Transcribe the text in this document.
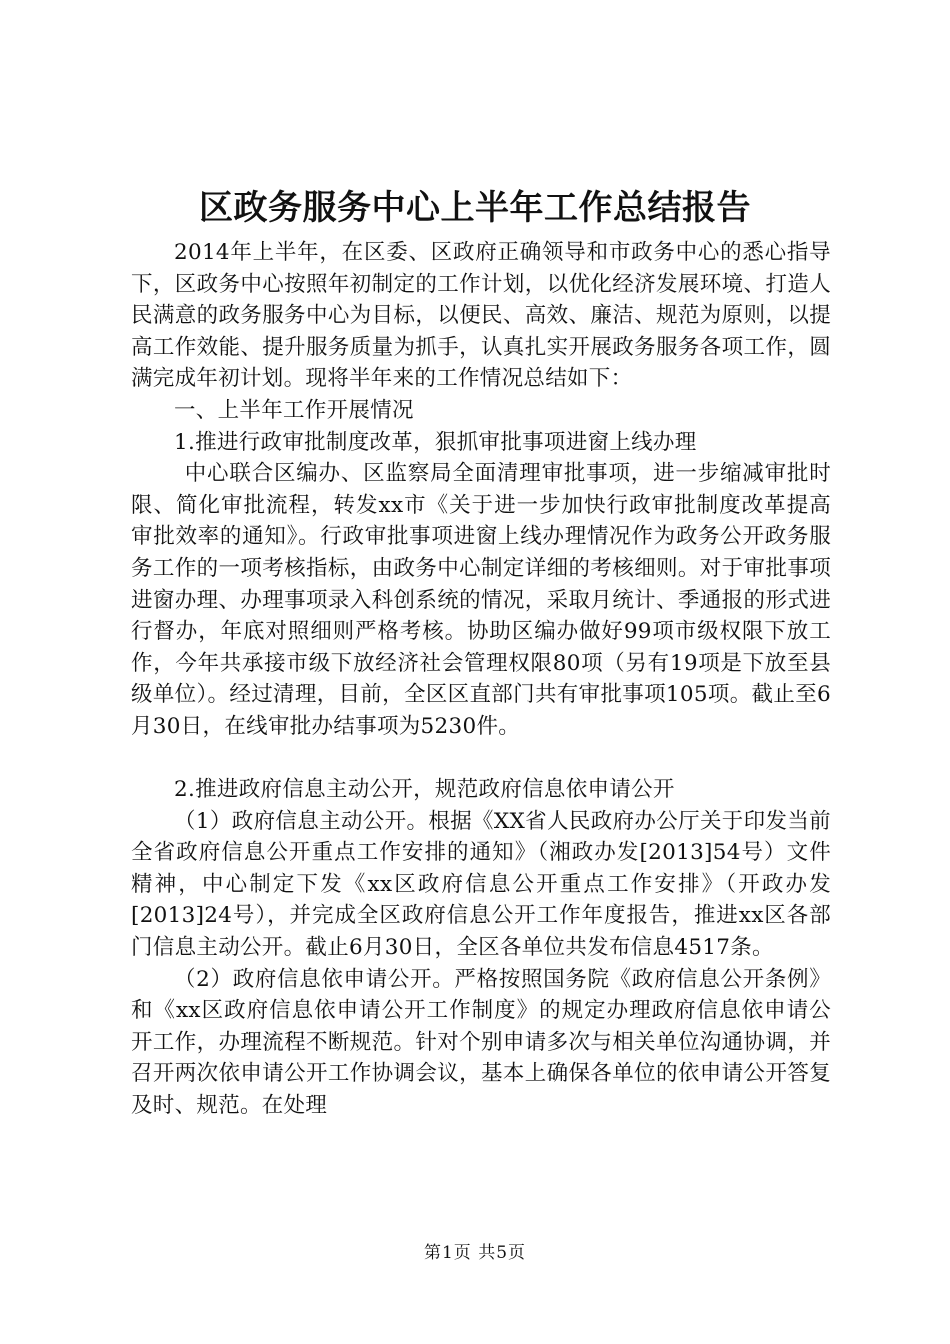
区政务服务中心上半年工作总结报告

2014年上半年，在区委、区政府正确领导和市政务中心的悉心指导下，区政务中心按照年初制定的工作计划，以优化经济发展环境、打造人民满意的政务服务中心为目标，以便民、高效、廉洁、规范为原则，以提高工作效能、提升服务质量为抓手，认真扎实开展政务服务各项工作，圆满完成年初计划。现将半年来的工作情况总结如下：

一、上半年工作开展情况

1.推进行政审批制度改革，狠抓审批事项进窗上线办理

中心联合区编办、区监察局全面清理审批事项，进一步缩减审批时限、简化审批流程，转发xx市《关于进一步加快行政审批制度改革提高审批效率的通知》。行政审批事项进窗上线办理情况作为政务公开政务服务工作的一项考核指标，由政务中心制定详细的考核细则。对于审批事项进窗办理、办理事项录入科创系统的情况，采取月统计、季通报的形式进行督办，年底对照细则严格考核。协助区编办做好99项市级权限下放工作，今年共承接市级下放经济社会管理权限80项（另有19项是下放至县级单位）。经过清理，目前，全区区直部门共有审批事项105项。截止至6月30日，在线审批办结事项为5230件。

2.推进政府信息主动公开，规范政府信息依申请公开

（1）政府信息主动公开。根据《XX省人民政府办公厅关于印发当前全省政府信息公开重点工作安排的通知》（湘政办发[2013]54号）文件精神，中心制定下发《xx区政府信息公开重点工作安排》（开政办发[2013]24号），并完成全区政府信息公开工作年度报告，推进xx区各部门信息主动公开。截止6月30日，全区各单位共发布信息4517条。

（2）政府信息依申请公开。严格按照国务院《政府信息公开条例》和《xx区政府信息依申请公开工作制度》的规定办理政府信息依申请公开工作，办理流程不断规范。针对个别申请多次与相关单位沟通协调，并召开两次依申请公开工作协调会议，基本上确保各单位的依申请公开答复及时、规范。在处理

第1页 共5页
